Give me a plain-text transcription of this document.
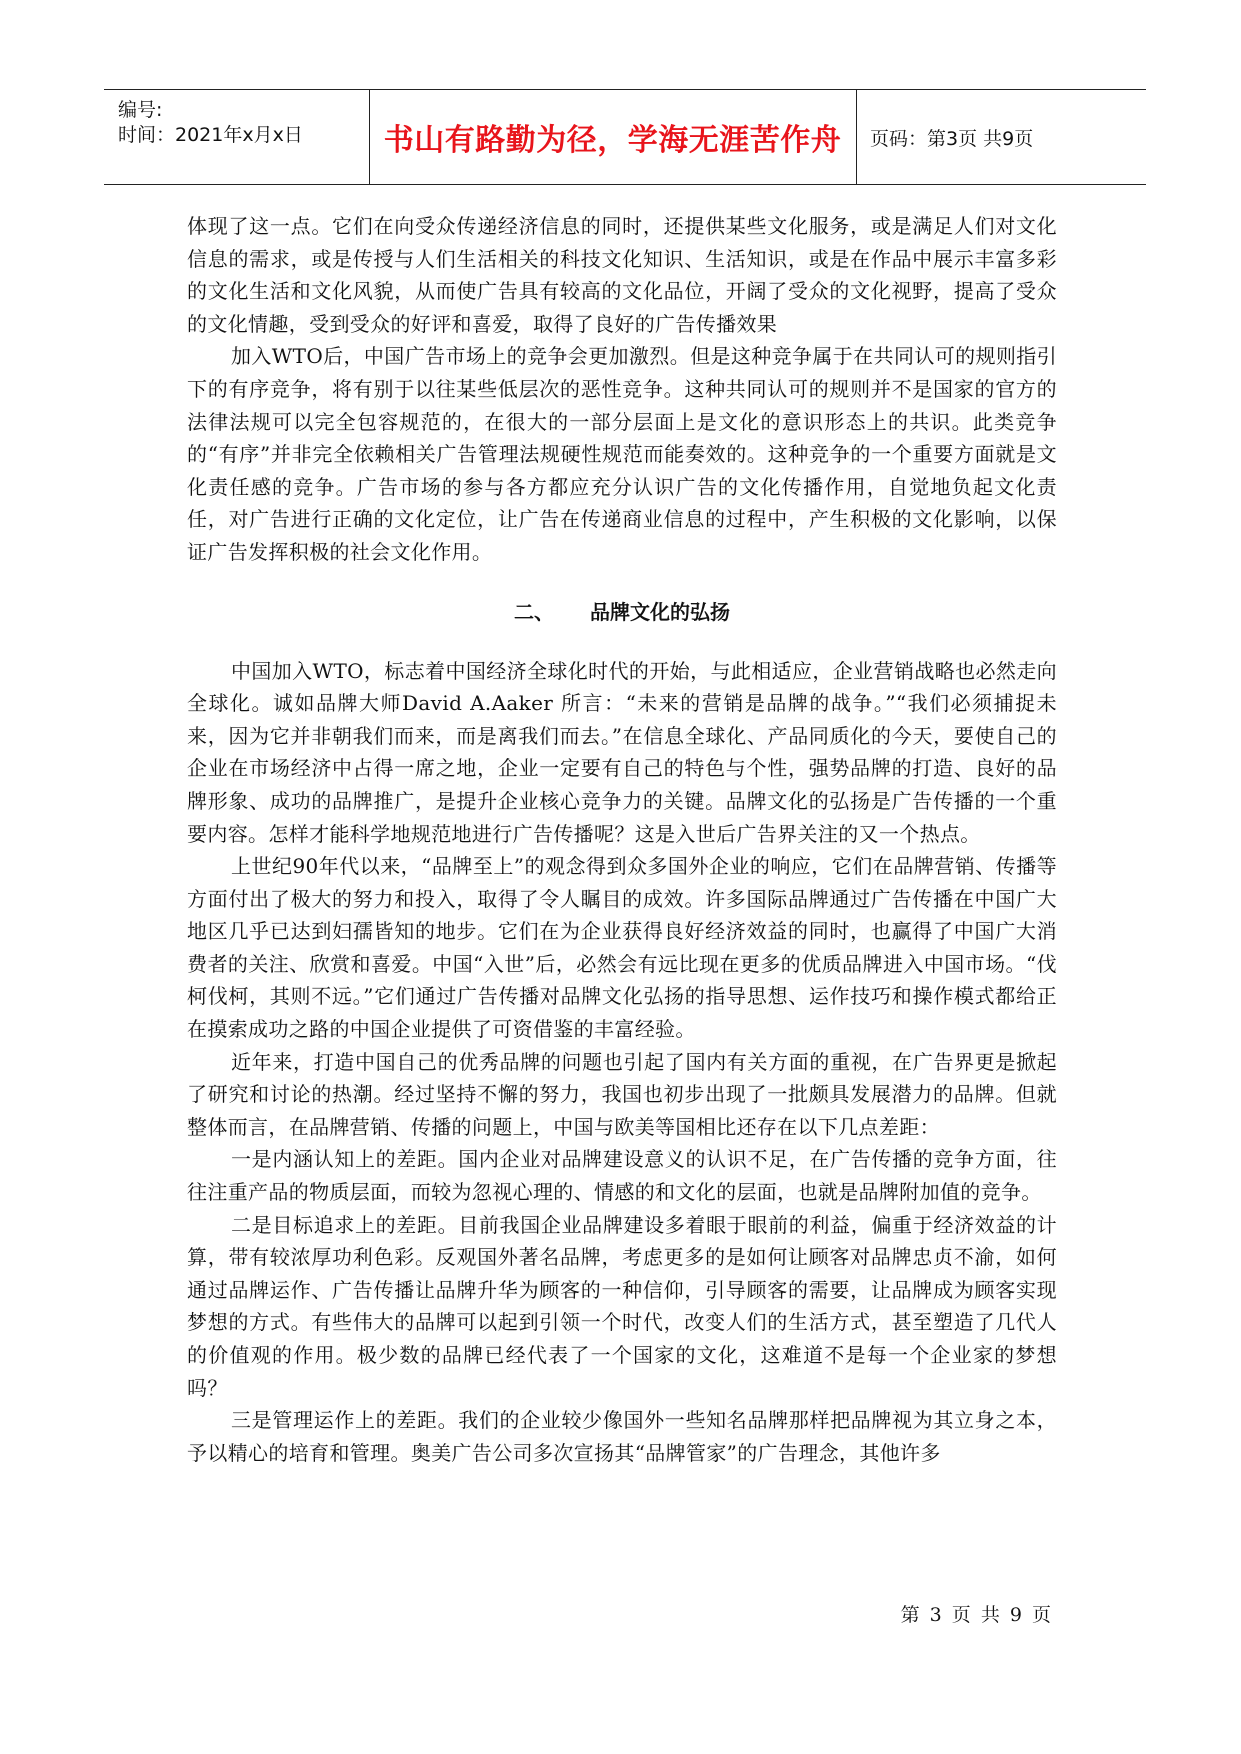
编号:
时间：2021年x月x日	书山有路勤为径，学海无涯苦作舟 页码：第3页 共9页

体现了这一点。它们在向受众传递经济信息的同时，还提供某些文化服务，或是满足人们对文化信息的需求，或是传授与人们生活相关的科技文化知识、生活知识，或是在作品中展示丰富多彩的文化生活和文化风貌，从而使广告具有较高的文化品位，开阔了受众的文化视野，提高了受众的文化情趣，受到受众的好评和喜爱，取得了良好的广告传播效果

加入WTO后，中国广告市场上的竞争会更加激烈。但是这种竞争属于在共同认可的规则指引下的有序竞争，将有别于以往某些低层次的恶性竞争。这种共同认可的规则并不是国家的官方的法律法规可以完全包容规范的，在很大的一部分层面上是文化的意识形态上的共识。此类竞争的“有序”并非完全依赖相关广告管理法规硬性规范而能奏效的。这种竞争的一个重要方面就是文化责任感的竞争。广告市场的参与各方都应充分认识广告的文化传播作用，自觉地负起文化责任，对广告进行正确的文化定位，让广告在传递商业信息的过程中，产生积极的文化影响，以保证广告发挥积极的社会文化作用。

二、 品牌文化的弘扬

中国加入WTO，标志着中国经济全球化时代的开始，与此相适应，企业营销战略也必然走向全球化。诚如品牌大师David A.Aaker 所言：“未来的营销是品牌的战争。”“我们必须捕捉未来，因为它并非朝我们而来，而是离我们而去。”在信息全球化、产品同质化的今天，要使自己的企业在市场经济中占得一席之地，企业一定要有自己的特色与个性，强势品牌的打造、良好的品牌形象、成功的品牌推广，是提升企业核心竞争力的关键。品牌文化的弘扬是广告传播的一个重要内容。怎样才能科学地规范地进行广告传播呢？这是入世后广告界关注的又一个热点。

上世纪90年代以来，“品牌至上”的观念得到众多国外企业的响应，它们在品牌营销、传播等方面付出了极大的努力和投入，取得了令人瞩目的成效。许多国际品牌通过广告传播在中国广大地区几乎已达到妇孺皆知的地步。它们在为企业获得良好经济效益的同时，也赢得了中国广大消费者的关注、欣赏和喜爱。中国“入世”后，必然会有远比现在更多的优质品牌进入中国市场。“伐柯伐柯，其则不远。”它们通过广告传播对品牌文化弘扬的指导思想、运作技巧和操作模式都给正在摸索成功之路的中国企业提供了可资借鉴的丰富经验。

近年来，打造中国自己的优秀品牌的问题也引起了国内有关方面的重视，在广告界更是掀起了研究和讨论的热潮。经过坚持不懈的努力，我国也初步出现了一批颇具发展潜力的品牌。但就整体而言，在品牌营销、传播的问题上，中国与欧美等国相比还存在以下几点差距：

一是内涵认知上的差距。国内企业对品牌建设意义的认识不足，在广告传播的竞争方面，往往注重产品的物质层面，而较为忽视心理的、情感的和文化的层面，也就是品牌附加值的竞争。

二是目标追求上的差距。目前我国企业品牌建设多着眼于眼前的利益，偏重于经济效益的计算，带有较浓厚功利色彩。反观国外著名品牌，考虑更多的是如何让顾客对品牌忠贞不渝，如何通过品牌运作、广告传播让品牌升华为顾客的一种信仰，引导顾客的需要，让品牌成为顾客实现梦想的方式。有些伟大的品牌可以起到引领一个时代，改变人们的生活方式，甚至塑造了几代人的价值观的作用。极少数的品牌已经代表了一个国家的文化，这难道不是每一个企业家的梦想吗？

三是管理运作上的差距。我们的企业较少像国外一些知名品牌那样把品牌视为其立身之本，予以精心的培育和管理。奥美广告公司多次宣扬其“品牌管家”的广告理念，其他许多

第 3 页 共 9 页
